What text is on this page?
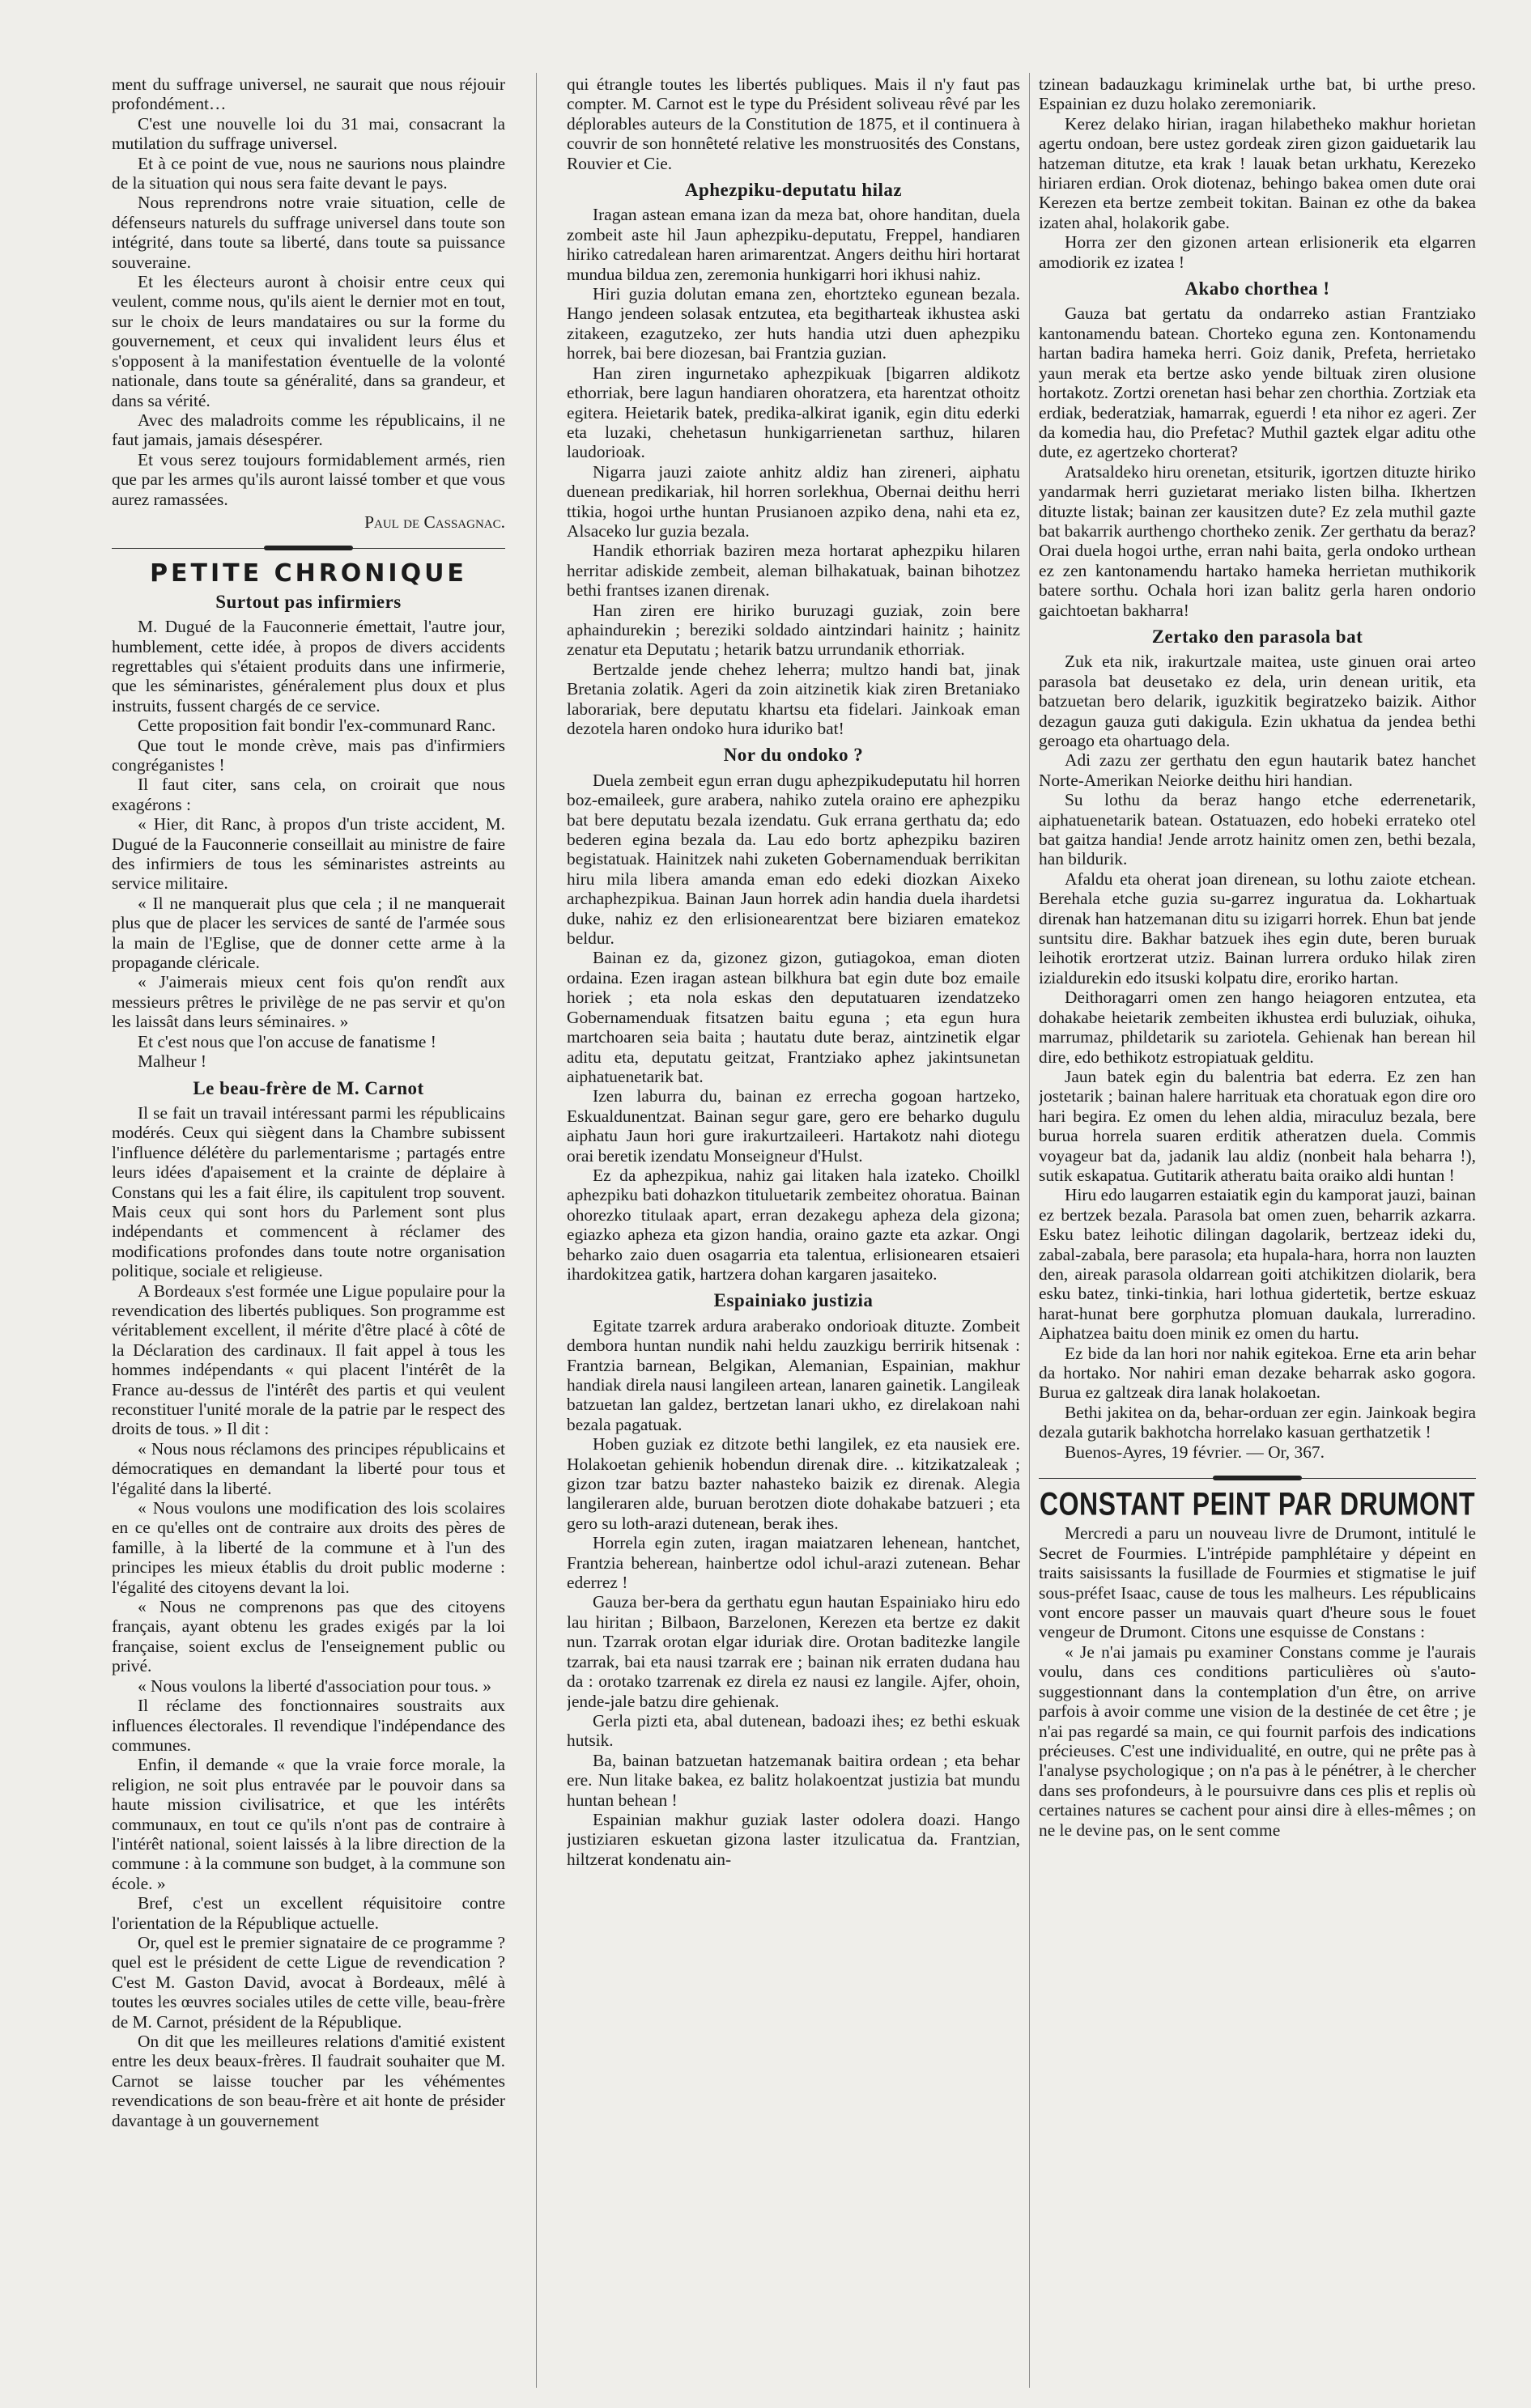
ment du suffrage universel, ne saurait que nous réjouir profondément…

C'est une nouvelle loi du 31 mai, consacrant la mutilation du suffrage universel.

Et à ce point de vue, nous ne saurions nous plaindre de la situation qui nous sera faite devant le pays.

Nous reprendrons notre vraie situation, celle de défenseurs naturels du suffrage universel dans toute son intégrité, dans toute sa liberté, dans toute sa puissance souveraine.

Et les électeurs auront à choisir entre ceux qui veulent, comme nous, qu'ils aient le dernier mot en tout, sur le choix de leurs mandataires ou sur la forme du gouvernement, et ceux qui invalident leurs élus et s'opposent à la manifestation éventuelle de la volonté nationale, dans toute sa généralité, dans sa grandeur, et dans sa vérité.

Avec des maladroits comme les républicains, il ne faut jamais, jamais désespérer.

Et vous serez toujours formidablement armés, rien que par les armes qu'ils auront laissé tomber et que vous aurez ramassées.

Paul de Cassagnac.
PETITE CHRONIQUE
Surtout pas infirmiers

M. Dugué de la Fauconnerie émettait, l'autre jour, humblement, cette idée, à propos de divers accidents regrettables qui s'étaient produits dans une infirmerie, que les séminaristes, généralement plus doux et plus instruits, fussent chargés de ce service.

Cette proposition fait bondir l'ex-communard Ranc.

Que tout le monde crève, mais pas d'infirmiers congréganistes !

Il faut citer, sans cela, on croirait que nous exagérons :

« Hier, dit Ranc, à propos d'un triste accident, M. Dugué de la Fauconnerie conseillait au ministre de faire des infirmiers de tous les séminaristes astreints au service militaire.

« Il ne manquerait plus que cela ; il ne manquerait plus que de placer les services de santé de l'armée sous la main de l'Eglise, que de donner cette arme à la propagande cléricale.

« J'aimerais mieux cent fois qu'on rendît aux messieurs prêtres le privilège de ne pas servir et qu'on les laissât dans leurs séminaires. »

Et c'est nous que l'on accuse de fanatisme !

Malheur !

Le beau-frère de M. Carnot

Il se fait un travail intéressant parmi les républicains modérés. Ceux qui siègent dans la Chambre subissent l'influence délétère du parlementarisme ; partagés entre leurs idées d'apaisement et la crainte de déplaire à Constans qui les a fait élire, ils capitulent trop souvent. Mais ceux qui sont hors du Parlement sont plus indépendants et commencent à réclamer des modifications profondes dans toute notre organisation politique, sociale et religieuse.

A Bordeaux s'est formée une Ligue populaire pour la revendication des libertés publiques. Son programme est véritablement excellent, il mérite d'être placé à côté de la Déclaration des cardinaux. Il fait appel à tous les hommes indépendants « qui placent l'intérêt de la France au-dessus de l'intérêt des partis et qui veulent reconstituer l'unité morale de la patrie par le respect des droits de tous. » Il dit :

« Nous nous réclamons des principes républicains et démocratiques en demandant la liberté pour tous et l'égalité dans la liberté.

« Nous voulons une modification des lois scolaires en ce qu'elles ont de contraire aux droits des pères de famille, à la liberté de la commune et à l'un des principes les mieux établis du droit public moderne : l'égalité des citoyens devant la loi.

« Nous ne comprenons pas que des citoyens français, ayant obtenu les grades exigés par la loi française, soient exclus de l'enseignement public ou privé.

« Nous voulons la liberté d'association pour tous. »

Il réclame des fonctionnaires soustraits aux influences électorales. Il revendique l'indépendance des communes.

Enfin, il demande « que la vraie force morale, la religion, ne soit plus entravée par le pouvoir dans sa haute mission civilisatrice, et que les intérêts communaux, en tout ce qu'ils n'ont pas de contraire à l'intérêt national, soient laissés à la libre direction de la commune : à la commune son budget, à la commune son école. »

Bref, c'est un excellent réquisitoire contre l'orientation de la République actuelle.

Or, quel est le premier signataire de ce programme ? quel est le président de cette Ligue de revendication ? C'est M. Gaston David, avocat à Bordeaux, mêlé à toutes les œuvres sociales utiles de cette ville, beau-frère de M. Carnot, président de la République.

On dit que les meilleures relations d'amitié existent entre les deux beaux-frères. Il faudrait souhaiter que M. Carnot se laisse toucher par les véhémentes revendications de son beau-frère et ait honte de présider davantage à un gouvernement

qui étrangle toutes les libertés publiques. Mais il n'y faut pas compter. M. Carnot est le type du Président soliveau rêvé par les déplorables auteurs de la Constitution de 1875, et il continuera à couvrir de son honnêteté relative les monstruosités des Constans, Rouvier et Cie.

Aphezpiku-deputatu hilaz

Iragan astean emana izan da meza bat, ohore handitan, duela zombeit aste hil Jaun aphezpiku-deputatu, Freppel, handiaren hiriko catredalean haren arimarentzat. Angers deithu hiri hortarat mundua bildua zen, zeremonia hunkigarri hori ikhusi nahiz.

Hiri guzia dolutan emana zen, ehortzteko egunean bezala. Hango jendeen solasak entzutea, eta begitharteak ikhustea aski zitakeen, ezagutzeko, zer huts handia utzi duen aphezpiku horrek, bai bere diozesan, bai Frantzia guzian.

Han ziren ingurnetako aphezpikuak [bigarren aldikotz ethorriak, bere lagun handiaren ohoratzera, eta harentzat othoitz egitera. Heietarik batek, predika-alkirat iganik, egin ditu ederki eta luzaki, chehetasun hunkigarrienetan sarthuz, hilaren laudorioak.

Nigarra jauzi zaiote anhitz aldiz han zireneri, aiphatu duenean predikariak, hil horren sorlekhua, Obernai deithu herri ttikia, hogoi urthe huntan Prusianoen azpiko dena, nahi eta ez, Alsaceko lur guzia bezala.

Handik ethorriak baziren meza hortarat aphezpiku hilaren herritar adiskide zembeit, aleman bilhakatuak, bainan bihotzez bethi frantses izanen direnak.

Han ziren ere hiriko buruzagi guziak, zoin bere aphaindurekin ; bereziki soldado aintzindari hainitz ; hainitz zenatur eta Deputatu ; hetarik batzu urrundanik ethorriak.

Bertzalde jende chehez leherra; multzo handi bat, jinak Bretania zolatik. Ageri da zoin aitzinetik kiak ziren Bretaniako laborariak, bere deputatu khartsu eta fidelari. Jainkoak eman dezotela haren ondoko hura iduriko bat!

Nor du ondoko ?

Duela zembeit egun erran dugu aphezpikudeputatu hil horren boz-emaileek, gure arabera, nahiko zutela oraino ere aphezpiku bat bere deputatu bezala izendatu. Guk errana gerthatu da; edo bederen egina bezala da. Lau edo bortz aphezpiku baziren begistatuak. Hainitzek nahi zuketen Gobernamenduak berrikitan hiru mila libera amanda eman edo edeki diozkan Aixeko archaphezpikua. Bainan Jaun horrek adin handia duela ihardetsi duke, nahiz ez den erlisionearentzat bere biziaren ematekoz beldur.

Bainan ez da, gizonez gizon, gutiagokoa, eman dioten ordaina. Ezen iragan astean bilkhura bat egin dute boz emaile horiek ; eta nola eskas den deputatuaren izendatzeko Gobernamenduak fitsatzen baitu eguna ; eta egun hura martchoaren seia baita ; hautatu dute beraz, aintzinetik elgar aditu eta, deputatu geitzat, Frantziako aphez jakintsunetan aiphatuenetarik bat.

Izen laburra du, bainan ez errecha gogoan hartzeko, Eskualdunentzat. Bainan segur gare, gero ere beharko dugulu aiphatu Jaun hori gure irakurtzaileeri. Hartakotz nahi diotegu orai beretik izendatu Monseigneur d'Hulst.

Ez da aphezpikua, nahiz gai litaken hala izateko. Choilkl aphezpiku bati dohazkon tituluetarik zembeitez ohoratua. Bainan ohorezko titulaak apart, erran dezakegu apheza dela gizona; egiazko apheza eta gizon handia, oraino gazte eta azkar. Ongi beharko zaio duen osagarria eta talentua, erlisionearen etsaieri ihardokitzea gatik, hartzera dohan kargaren jasaiteko.

Espainiako justizia

Egitate tzarrek ardura araberako ondorioak dituzte. Zombeit dembora huntan nundik nahi heldu zauzkigu berririk hitsenak : Frantzia barnean, Belgikan, Alemanian, Espainian, makhur handiak direla nausi langileen artean, lanaren gainetik. Langileak batzuetan lan galdez, bertzetan lanari ukho, ez direlakoan nahi bezala pagatuak.

Hoben guziak ez ditzote bethi langilek, ez eta nausiek ere. Holakoetan gehienik hobendun direnak dire. .. kitzikatzaleak ; gizon tzar batzu bazter nahasteko baizik ez direnak. Alegia langileraren alde, buruan berotzen diote dohakabe batzueri ; eta gero su loth-arazi dutenean, berak ihes.

Horrela egin zuten, iragan maiatzaren lehenean, hantchet, Frantzia beherean, hainbertze odol ichul-arazi zutenean. Behar ederrez !

Gauza ber-bera da gerthatu egun hautan Espainiako hiru edo lau hiritan ; Bilbaon, Barzelonen, Kerezen eta bertze ez dakit nun. Tzarrak orotan elgar iduriak dire. Orotan baditezke langile tzarrak, bai eta nausi tzarrak ere ; bainan nik erraten dudana hau da : orotako tzarrenak ez direla ez nausi ez langile. Ajfer, ohoin, jende-jale batzu dire gehienak.

Gerla pizti eta, abal dutenean, badoazi ihes; ez bethi eskuak hutsik.

Ba, bainan batzuetan hatzemanak baitira ordean ; eta behar ere. Nun litake bakea, ez balitz holakoentzat justizia bat mundu huntan behean !

Espainian makhur guziak laster odolera doazi. Hango justiziaren eskuetan gizona laster itzulicatua da. Frantzian, hiltzerat kondenatu ain-

tzinean badauzkagu kriminelak urthe bat, bi urthe preso. Espainian ez duzu holako zeremoniarik.

Kerez delako hirian, iragan hilabetheko makhur horietan agertu ondoan, bere ustez gordeak ziren gizon gaiduetarik lau hatzeman ditutze, eta krak ! lauak betan urkhatu, Kerezeko hiriaren erdian. Orok diotenaz, behingo bakea omen dute orai Kerezen eta bertze zembeit tokitan. Bainan ez othe da bakea izaten ahal, holakorik gabe.

Horra zer den gizonen artean erlisionerik eta elgarren amodiorik ez izatea !

Akabo chorthea !

Gauza bat gertatu da ondarreko astian Frantziako kantonamendu batean. Chorteko eguna zen. Kontonamendu hartan badira hameka herri. Goiz danik, Prefeta, herrietako yaun merak eta bertze asko yende biltuak ziren olusione hortakotz. Zortzi orenetan hasi behar zen chorthia. Zortziak eta erdiak, bederatziak, hamarrak, eguerdi ! eta nihor ez ageri. Zer da komedia hau, dio Prefetac? Muthil gaztek elgar aditu othe dute, ez agertzeko chorterat?

Aratsaldeko hiru orenetan, etsiturik, igortzen dituzte hiriko yandarmak herri guzietarat meriako listen bilha. Ikhertzen dituzte listak; bainan zer kausitzen dute? Ez zela muthil gazte bat bakarrik aurthengo chortheko zenik. Zer gerthatu da beraz? Orai duela hogoi urthe, erran nahi baita, gerla ondoko urthean ez zen kantonamendu hartako hameka herrietan muthikorik batere sorthu. Ochala hori izan balitz gerla haren ondorio gaichtoetan bakharra!

Zertako den parasola bat

Zuk eta nik, irakurtzale maitea, uste ginuen orai arteo parasola bat deusetako ez dela, urin denean uritik, eta batzuetan bero delarik, iguzkitik begiratzeko baizik. Aithor dezagun gauza guti dakigula. Ezin ukhatua da jendea bethi geroago eta ohartuago dela.

Adi zazu zer gerthatu den egun hautarik batez hanchet Norte-Amerikan Neiorke deithu hiri handian.

Su lothu da beraz hango etche ederrenetarik, aiphatuenetarik batean. Ostatuazen, edo hobeki errateko otel bat gaitza handia! Jende arrotz hainitz omen zen, bethi bezala, han bildurik.

Afaldu eta oherat joan direnean, su lothu zaiote etchean. Berehala etche guzia su-garrez inguratua da. Lokhartuak direnak han hatzemanan ditu su izigarri horrek. Ehun bat jende suntsitu dire. Bakhar batzuek ihes egin dute, beren buruak leihotik erortzerat utziz. Bainan lurrera orduko hilak ziren izialdurekin edo itsuski kolpatu dire, eroriko hartan.

Deithoragarri omen zen hango heiagoren entzutea, eta dohakabe heietarik zembeiten ikhustea erdi buluziak, oihuka, marrumaz, phildetarik su zariotela. Gehienak han berean hil dire, edo bethikotz estropiatuak gelditu.

Jaun batek egin du balentria bat ederra. Ez zen han jostetarik ; bainan halere harrituak eta choratuak egon dire oro hari begira. Ez omen du lehen aldia, miraculuz bezala, bere burua horrela suaren erditik atheratzen duela. Commis voyageur bat da, jadanik lau aldiz (nonbeit hala beharra !), sutik eskapatua. Gutitarik atheratu baita oraiko aldi huntan !

Hiru edo laugarren estaiatik egin du kamporat jauzi, bainan ez bertzek bezala. Parasola bat omen zuen, beharrik azkarra. Esku batez leihotic dilingan dagolarik, bertzeaz ideki du, zabal-zabala, bere parasola; eta hupala-hara, horra non lauzten den, aireak parasola oldarrean goiti atchikitzen diolarik, bera esku batez, tinki-tinkia, hari lothua gidertetik, bertze eskuaz harat-hunat bere gorphutza plomuan daukala, lurreradino. Aiphatzea baitu doen minik ez omen du hartu.

Ez bide da lan hori nor nahik egitekoa. Erne eta arin behar da hortako. Nor nahiri eman dezake beharrak asko gogora. Burua ez galtzeak dira lanak holakoetan.

Bethi jakitea on da, behar-orduan zer egin. Jainkoak begira dezala gutarik bakhotcha horrelako kasuan gerthatzetik !

Buenos-Ayres, 19 février. — Or, 367.

CONSTANT PEINT PAR DRUMONT

Mercredi a paru un nouveau livre de Drumont, intitulé le Secret de Fourmies. L'intrépide pamphlétaire y dépeint en traits saisissants la fusillade de Fourmies et stigmatise le juif sous-préfet Isaac, cause de tous les malheurs. Les républicains vont encore passer un mauvais quart d'heure sous le fouet vengeur de Drumont. Citons une esquisse de Constans :

« Je n'ai jamais pu examiner Constans comme je l'aurais voulu, dans ces conditions particulières où s'auto-suggestionnant dans la contemplation d'un être, on arrive parfois à avoir comme une vision de la destinée de cet être ; je n'ai pas regardé sa main, ce qui fournit parfois des indications précieuses. C'est une individualité, en outre, qui ne prête pas à l'analyse psychologique ; on n'a pas à le pénétrer, à le chercher dans ses profondeurs, à le poursuivre dans ces plis et replis où certaines natures se cachent pour ainsi dire à elles-mêmes ; on ne le devine pas, on le sent comme
